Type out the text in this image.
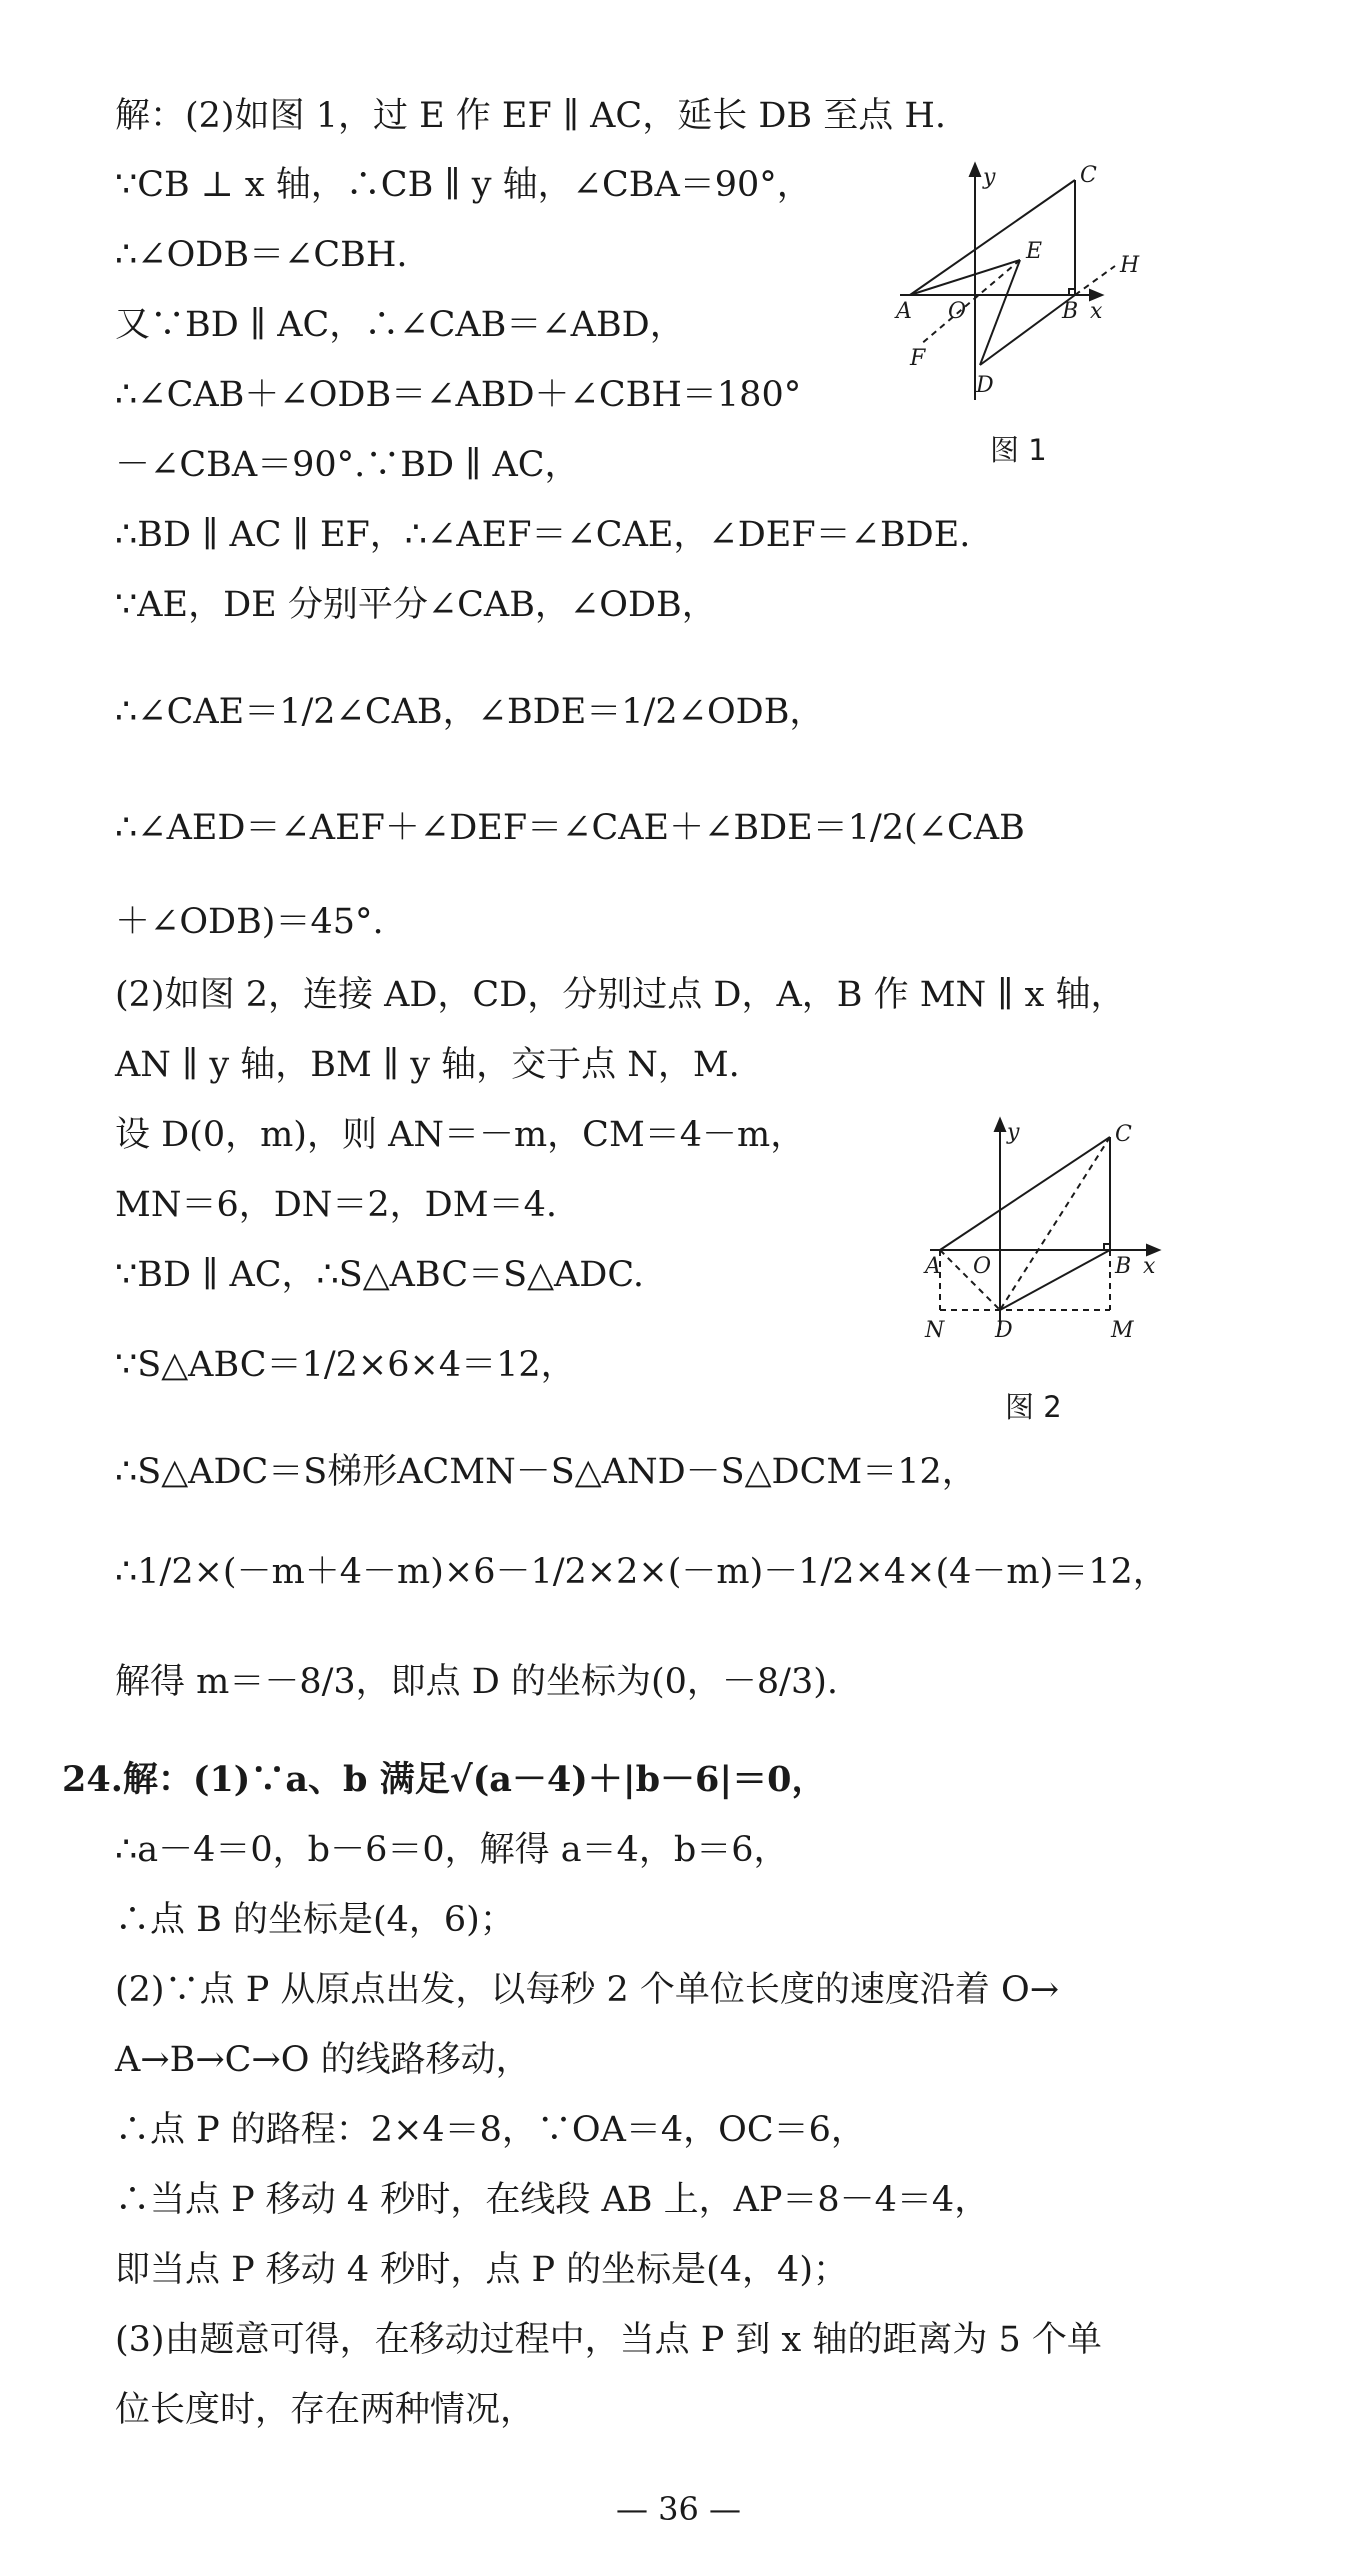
解：(2)如图 1，过 E 作 EF ∥ AC，延长 DB 至点 H.
∵CB ⊥ x 轴，∴CB ∥ y 轴，∠CBA＝90°，
∴∠ODB＝∠CBH.
又∵BD ∥ AC，∴∠CAB＝∠ABD，
∴∠CAB＋∠ODB＝∠ABD＋∠CBH＝180°
－∠CBA＝90°.∵BD ∥ AC，
∴BD ∥ AC ∥ EF，∴∠AEF＝∠CAE，∠DEF＝∠BDE.
∵AE，DE 分别平分∠CAB，∠ODB，
∴∠CAE＝1/2∠CAB，∠BDE＝1/2∠ODB，
∴∠AED＝∠AEF＋∠DEF＝∠CAE＋∠BDE＝1/2(∠CAB
＋∠ODB)＝45°.
(2)如图 2，连接 AD，CD，分别过点 D，A，B 作 MN ∥ x 轴，
AN ∥ y 轴，BM ∥ y 轴，交于点 N，M.
设 D(0，m)，则 AN＝－m，CM＝4－m，
MN＝6，DN＝2，DM＝4.
∵BD ∥ AC，∴S△ABC＝S△ADC.
∵S△ABC＝1/2×6×4＝12，
∴S△ADC＝S梯形ACMN－S△AND－S△DCM＝12，
∴1/2×(－m＋4－m)×6－1/2×2×(－m)－1/2×4×(4－m)＝12，
解得 m＝－8/3，即点 D 的坐标为(0，－8/3).
24.解：(1)∵a、b 满足√(a－4)＋|b－6|＝0，
∴a－4＝0，b－6＝0，解得 a＝4，b＝6，
∴点 B 的坐标是(4，6)；
(2)∵点 P 从原点出发，以每秒 2 个单位长度的速度沿着 O→
A→B→C→O 的线路移动，
∴点 P 的路程：2×4＝8，∵OA＝4，OC＝6，
∴当点 P 移动 4 秒时，在线段 AB 上，AP＝8－4＝4，
即当点 P 移动 4 秒时，点 P 的坐标是(4，4)；
(3)由题意可得，在移动过程中，当点 P 到 x 轴的距离为 5 个单
位长度时，存在两种情况，
y	C
E
H
A O	B x
F
D
图 1
y	C
A O	B x
N D	M
图 2
— 36 —
